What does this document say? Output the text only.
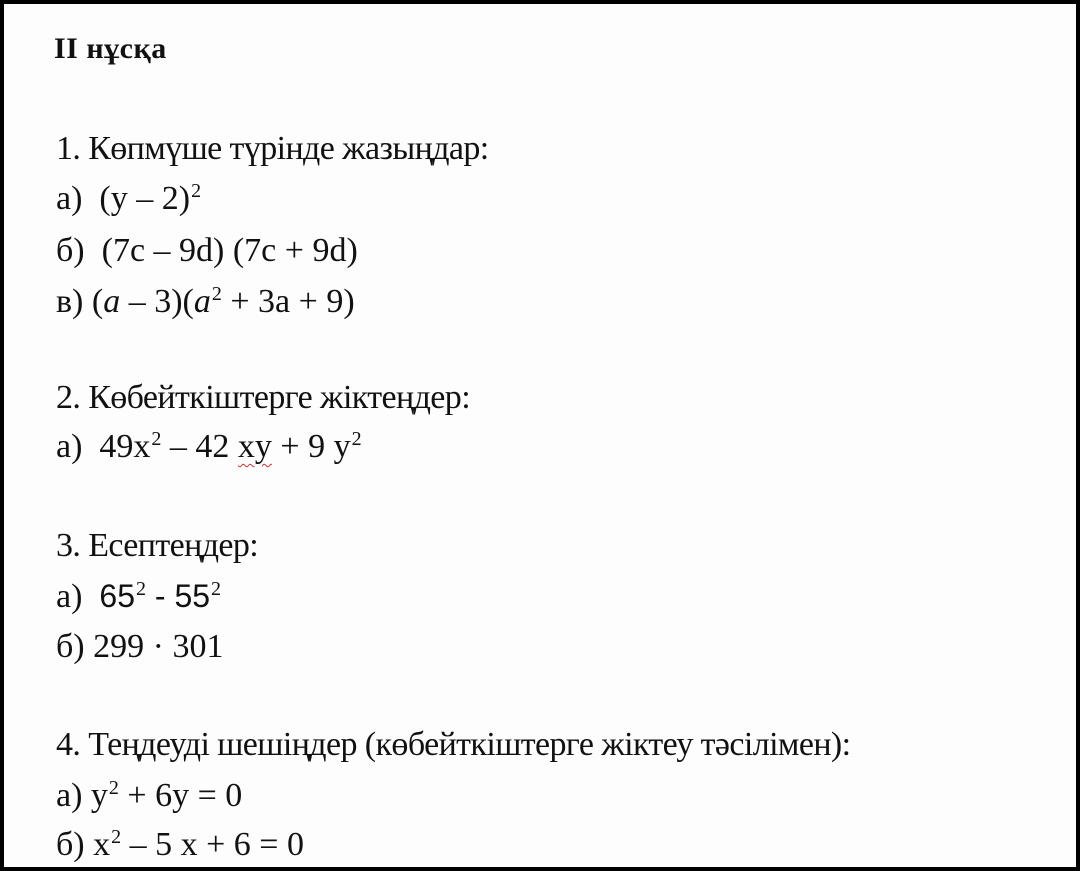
II нұсқа
1. Көпмүше түрінде жазыңдар:
а) (y – 2)$^2$
б) (7c – 9d) (7c + 9d)
в) $(a - 3)(a^2 + 3a + 9)$
2. Көбейткіштерге жіктеңдер:
а) $49x^2 - 42$ xy + 9 $y^2$
3. Есептеңдер:
а) $65^2 - 55^2$
б) 299 · 301
4. Теңдеуді шешіңдер (көбейткіштерге жіктеу тәсілімен):
а) $y^2 + 6y = 0$
б) $x^2 - 5$ x + 6 = 0
